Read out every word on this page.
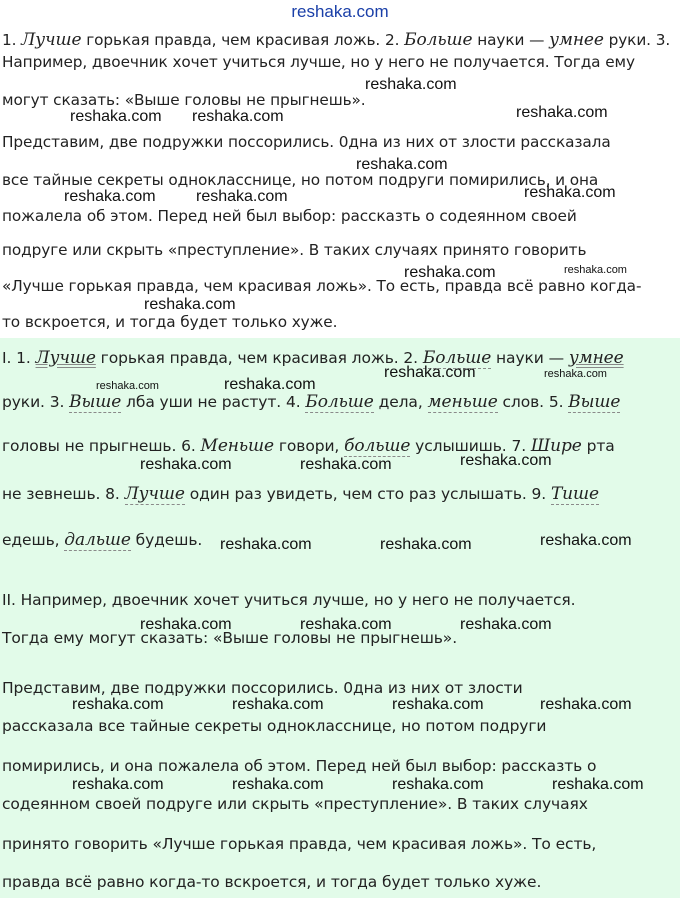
reshaka.com
1. Лучше горькая правда, чем красивая ложь. 2. Больше науки — умнее руки. 3.
Например, двоечник хочет учиться лучше, но у него не получается. Тогда ему
могут сказать: «Выше головы не прыгнешь».
Представим, две подружки поссорились. 0дна из них от злости рассказала
все тайные секреты однокласснице, но потом подруги помирились, и она
пожалела об этом. Перед ней был выбор: рассказть о содеянном своей
подруге или скрыть «преступление». В таких случаях принято говорить
«Лучше горькая правда, чем красивая ложь». То есть, правда всё равно когда-
то вскроется, и тогда будет только хуже.
I. 1. Лучше горькая правда, чем красивая ложь. 2. Больше науки — умнее
руки. 3. Выше лба уши не растут. 4. Больше дела, меньше слов. 5. Выше
головы не прыгнешь. 6. Меньше говори, больше услышишь. 7. Шире рта
не зевнешь. 8. Лучше один раз увидеть, чем сто раз услышать. 9. Тише
едешь, дальше будешь.
II. Например, двоечник хочет учиться лучше, но у него не получается.
Тогда ему могут сказать: «Выше головы не прыгнешь».
Представим, две подружки поссорились. 0дна из них от злости
рассказала все тайные секреты однокласснице, но потом подруги
помирились, и она пожалела об этом. Перед ней был выбор: рассказть о
содеянном своей подруге или скрыть «преступление». В таких случаях
принято говорить «Лучше горькая правда, чем красивая ложь». То есть,
правда всё равно когда-то вскроется, и тогда будет только хуже.
reshaka.com
reshaka.com reshaka.com	reshaka.com
reshaka.com
reshaka.com	reshaka.com	reshaka.com
reshaka.com	reshaka.com
reshaka.com
reshaka.com	reshaka.com
reshaka.com	reshaka.com
reshaka.com	reshaka.com	reshaka.com
reshaka.com	reshaka.com	reshaka.com
reshaka.com	reshaka.com	reshaka.com
reshaka.com	reshaka.com	reshaka.com	reshaka.com
reshaka.com	reshaka.com	reshaka.com	reshaka.com
